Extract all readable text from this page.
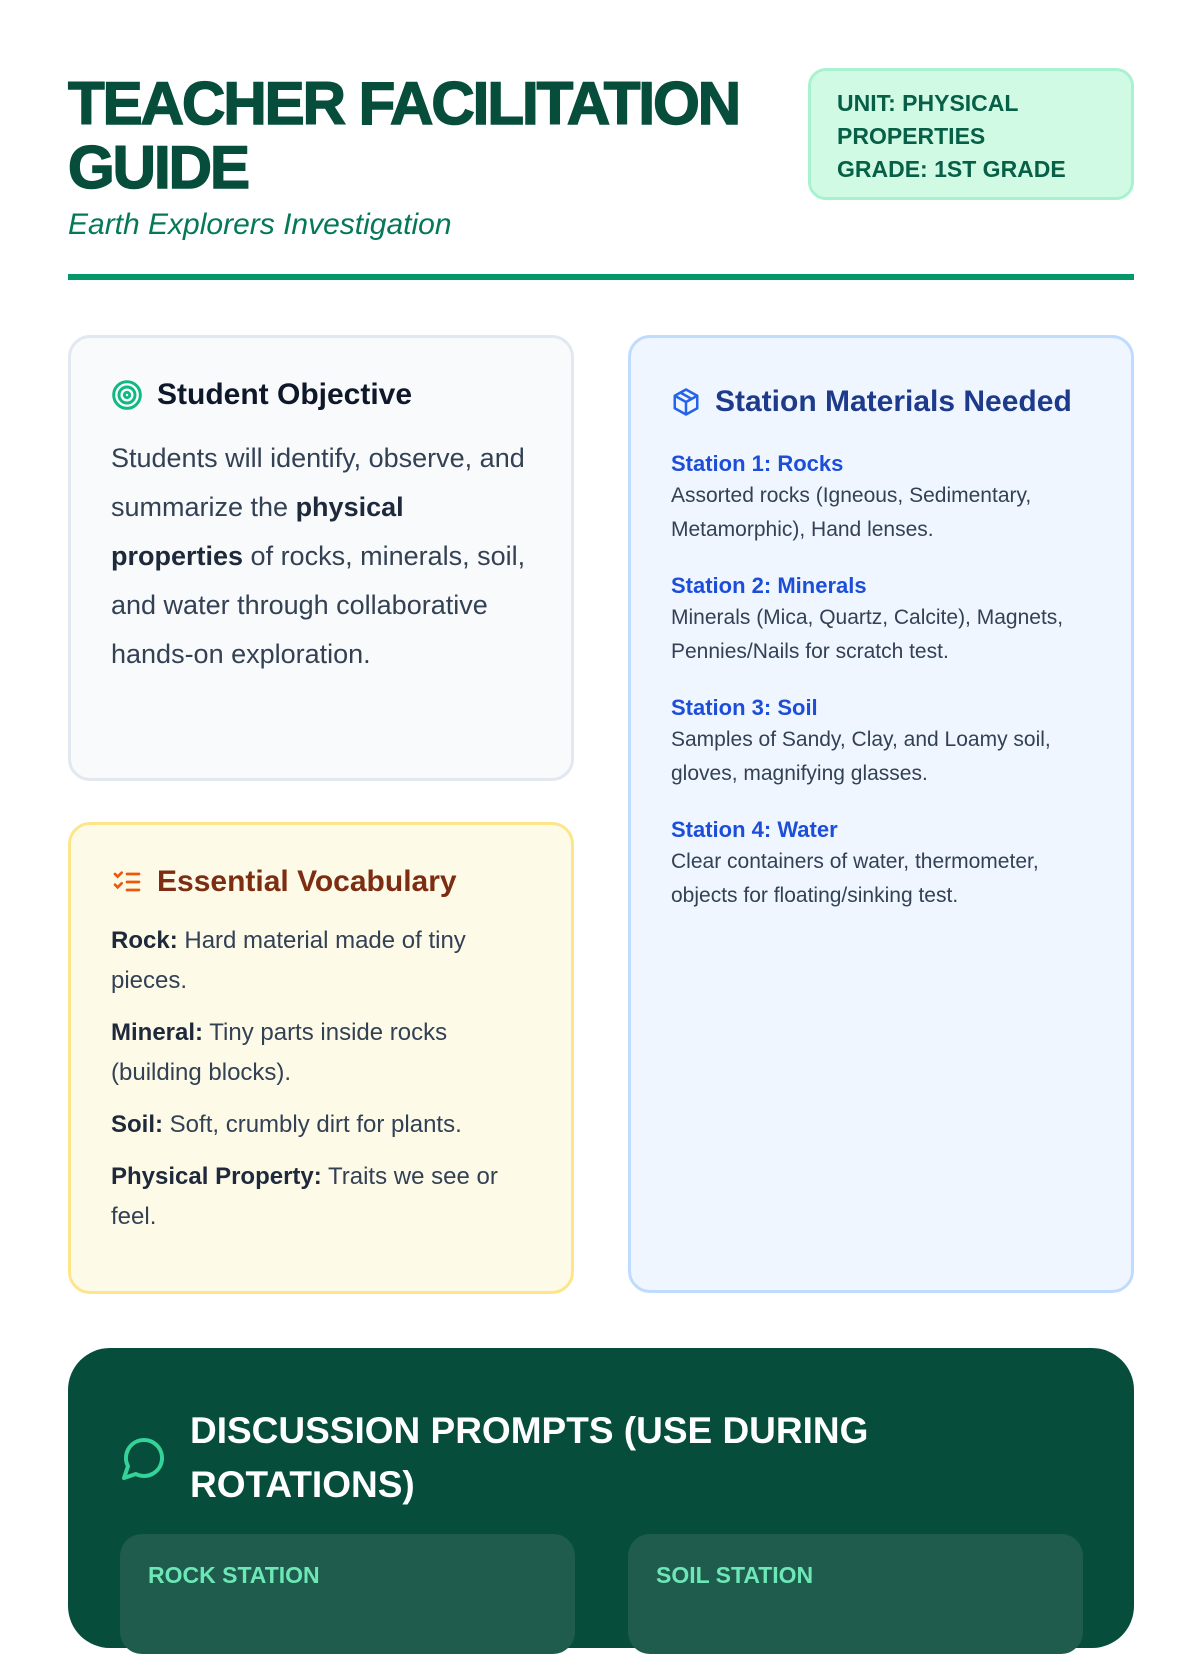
TEACHER FACILITATION GUIDE
Earth Explorers Investigation
UNIT: PHYSICAL PROPERTIES
GRADE: 1ST GRADE
Student Objective

Students will identify, observe, and summarize the physical properties of rocks, minerals, soil, and water through collaborative hands-on exploration.

Essential Vocabulary
Rock: Hard material made of tiny pieces.
Mineral: Tiny parts inside rocks (building blocks).
Soil: Soft, crumbly dirt for plants.
Physical Property: Traits we see or feel.
Station Materials Needed
Station 1: Rocks

Assorted rocks (Igneous, Sedimentary, Metamorphic), Hand lenses.

Station 2: Minerals

Minerals (Mica, Quartz, Calcite), Magnets, Pennies/Nails for scratch test.

Station 3: Soil

Samples of Sandy, Clay, and Loamy soil, gloves, magnifying glasses.

Station 4: Water

Clear containers of water, thermometer, objects for floating/sinking test.

DISCUSSION PROMPTS (USE DURING ROTATIONS)
ROCK STATION	SOIL STATION
